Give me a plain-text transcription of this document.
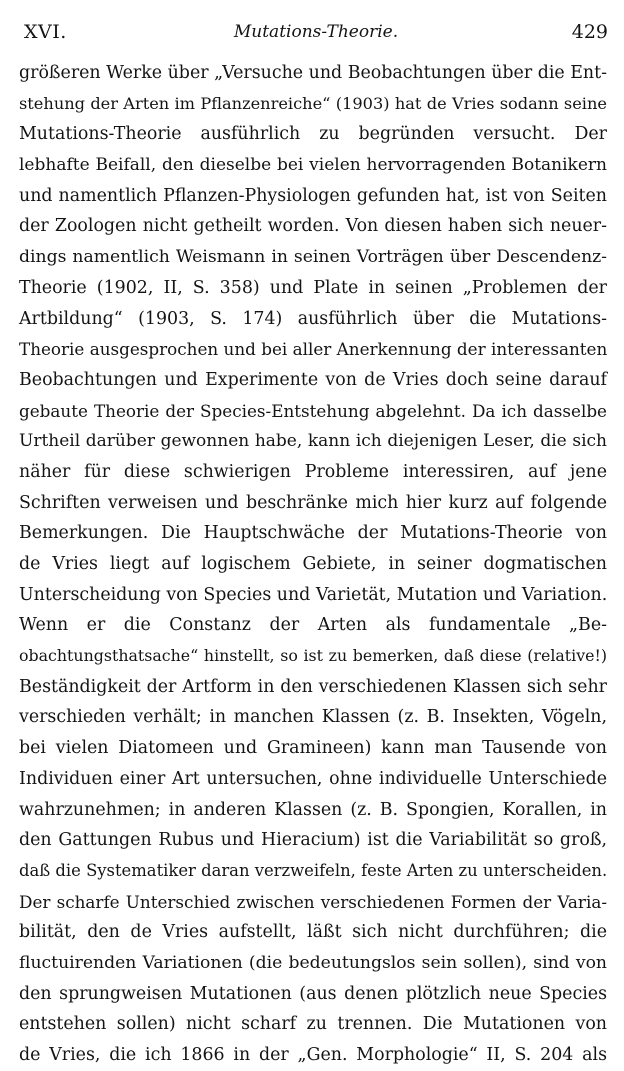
XVI.	Mutations-Theorie.	429
größeren Werke über „Versuche und Beobachtungen über die Ent-
stehung der Arten im Pflanzenreiche“ (1903) hat de Vries sodann seine
Mutations-Theorie ausführlich zu begründen versucht. Der
lebhafte Beifall, den dieselbe bei vielen hervorragenden Botanikern
und namentlich Pflanzen-Physiologen gefunden hat, ist von Seiten
der Zoologen nicht getheilt worden. Von diesen haben sich neuer-
dings namentlich Weismann in seinen Vorträgen über Descendenz-
Theorie (1902, II, S. 358) und Plate in seinen „Problemen der
Artbildung“ (1903, S. 174) ausführlich über die Mutations-
Theorie ausgesprochen und bei aller Anerkennung der interessanten
Beobachtungen und Experimente von de Vries doch seine darauf
gebaute Theorie der Species-Entstehung abgelehnt. Da ich dasselbe
Urtheil darüber gewonnen habe, kann ich diejenigen Leser, die sich
näher für diese schwierigen Probleme interessiren, auf jene
Schriften verweisen und beschränke mich hier kurz auf folgende
Bemerkungen. Die Hauptschwäche der Mutations-Theorie von
de Vries liegt auf logischem Gebiete, in seiner dogmatischen
Unterscheidung von Species und Varietät, Mutation und Variation.
Wenn er die Constanz der Arten als fundamentale „Be-
obachtungsthatsache“ hinstellt, so ist zu bemerken, daß diese (relative!)
Beständigkeit der Artform in den verschiedenen Klassen sich sehr
verschieden verhält; in manchen Klassen (z. B. Insekten, Vögeln,
bei vielen Diatomeen und Gramineen) kann man Tausende von
Individuen einer Art untersuchen, ohne individuelle Unterschiede
wahrzunehmen; in anderen Klassen (z. B. Spongien, Korallen, in
den Gattungen Rubus und Hieracium) ist die Variabilität so groß,
daß die Systematiker daran verzweifeln, feste Arten zu unterscheiden.
Der scharfe Unterschied zwischen verschiedenen Formen der Varia-
bilität, den de Vries aufstellt, läßt sich nicht durchführen; die
fluctuirenden Variationen (die bedeutungslos sein sollen), sind von
den sprungweisen Mutationen (aus denen plötzlich neue Species
entstehen sollen) nicht scharf zu trennen. Die Mutationen von
de Vries, die ich 1866 in der „Gen. Morphologie“ II, S. 204 als
